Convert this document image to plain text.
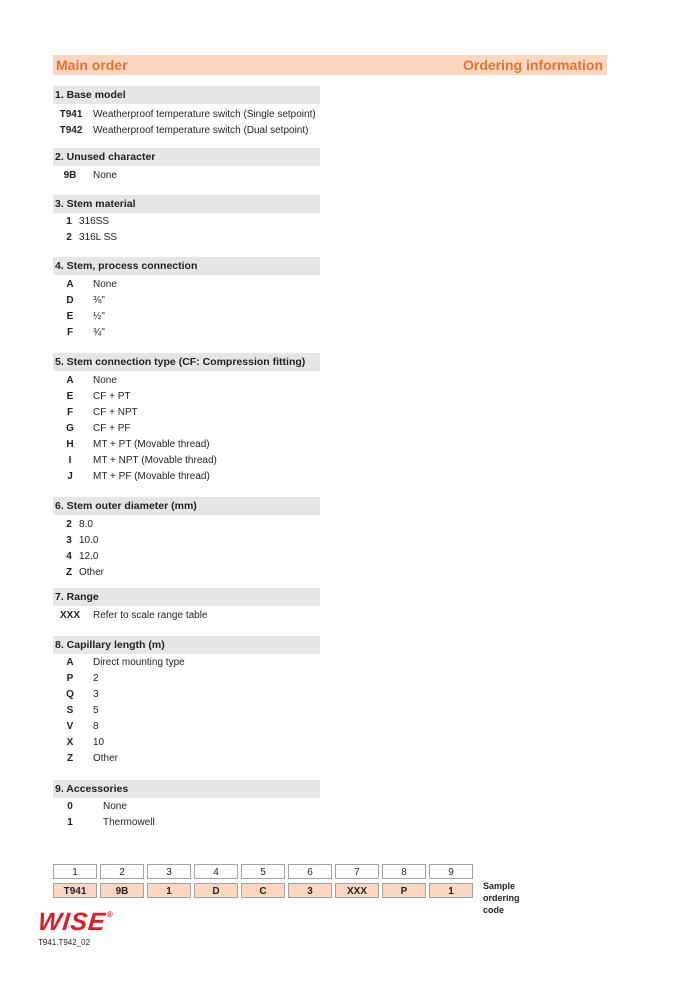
Main order	Ordering information
1. Base model
T941	Weatherproof temperature switch (Single setpoint)
T942	Weatherproof temperature switch (Dual setpoint)
2. Unused character
9B	None
3. Stem material
1 316SS
2 316L SS
4. Stem, process connection
A	None
D	⅜"
E	½"
F	¾"
5. Stem connection type (CF: Compression fitting)
A	None
E	CF + PT
F	CF + NPT
G	CF + PF
H	MT + PT (Movable thread)
I	MT + NPT (Movable thread)
J	MT + PF (Movable thread)
6. Stem outer diameter (mm)
2 8.0
3 10.0
4 12.0
Z Other
7. Range
XXX	Refer to scale range table
8. Capillary length (m)
A	Direct mounting type
P	2
Q	3
S	5
V	8
X	10
Z	Other
9. Accessories
0	None
1	Thermowell
1	2	3	4	5	6	7	8	9
T941	9B	1	D	C	3	XXX	P	1	Sample
ordering code
WISE®
T941.T942_02
